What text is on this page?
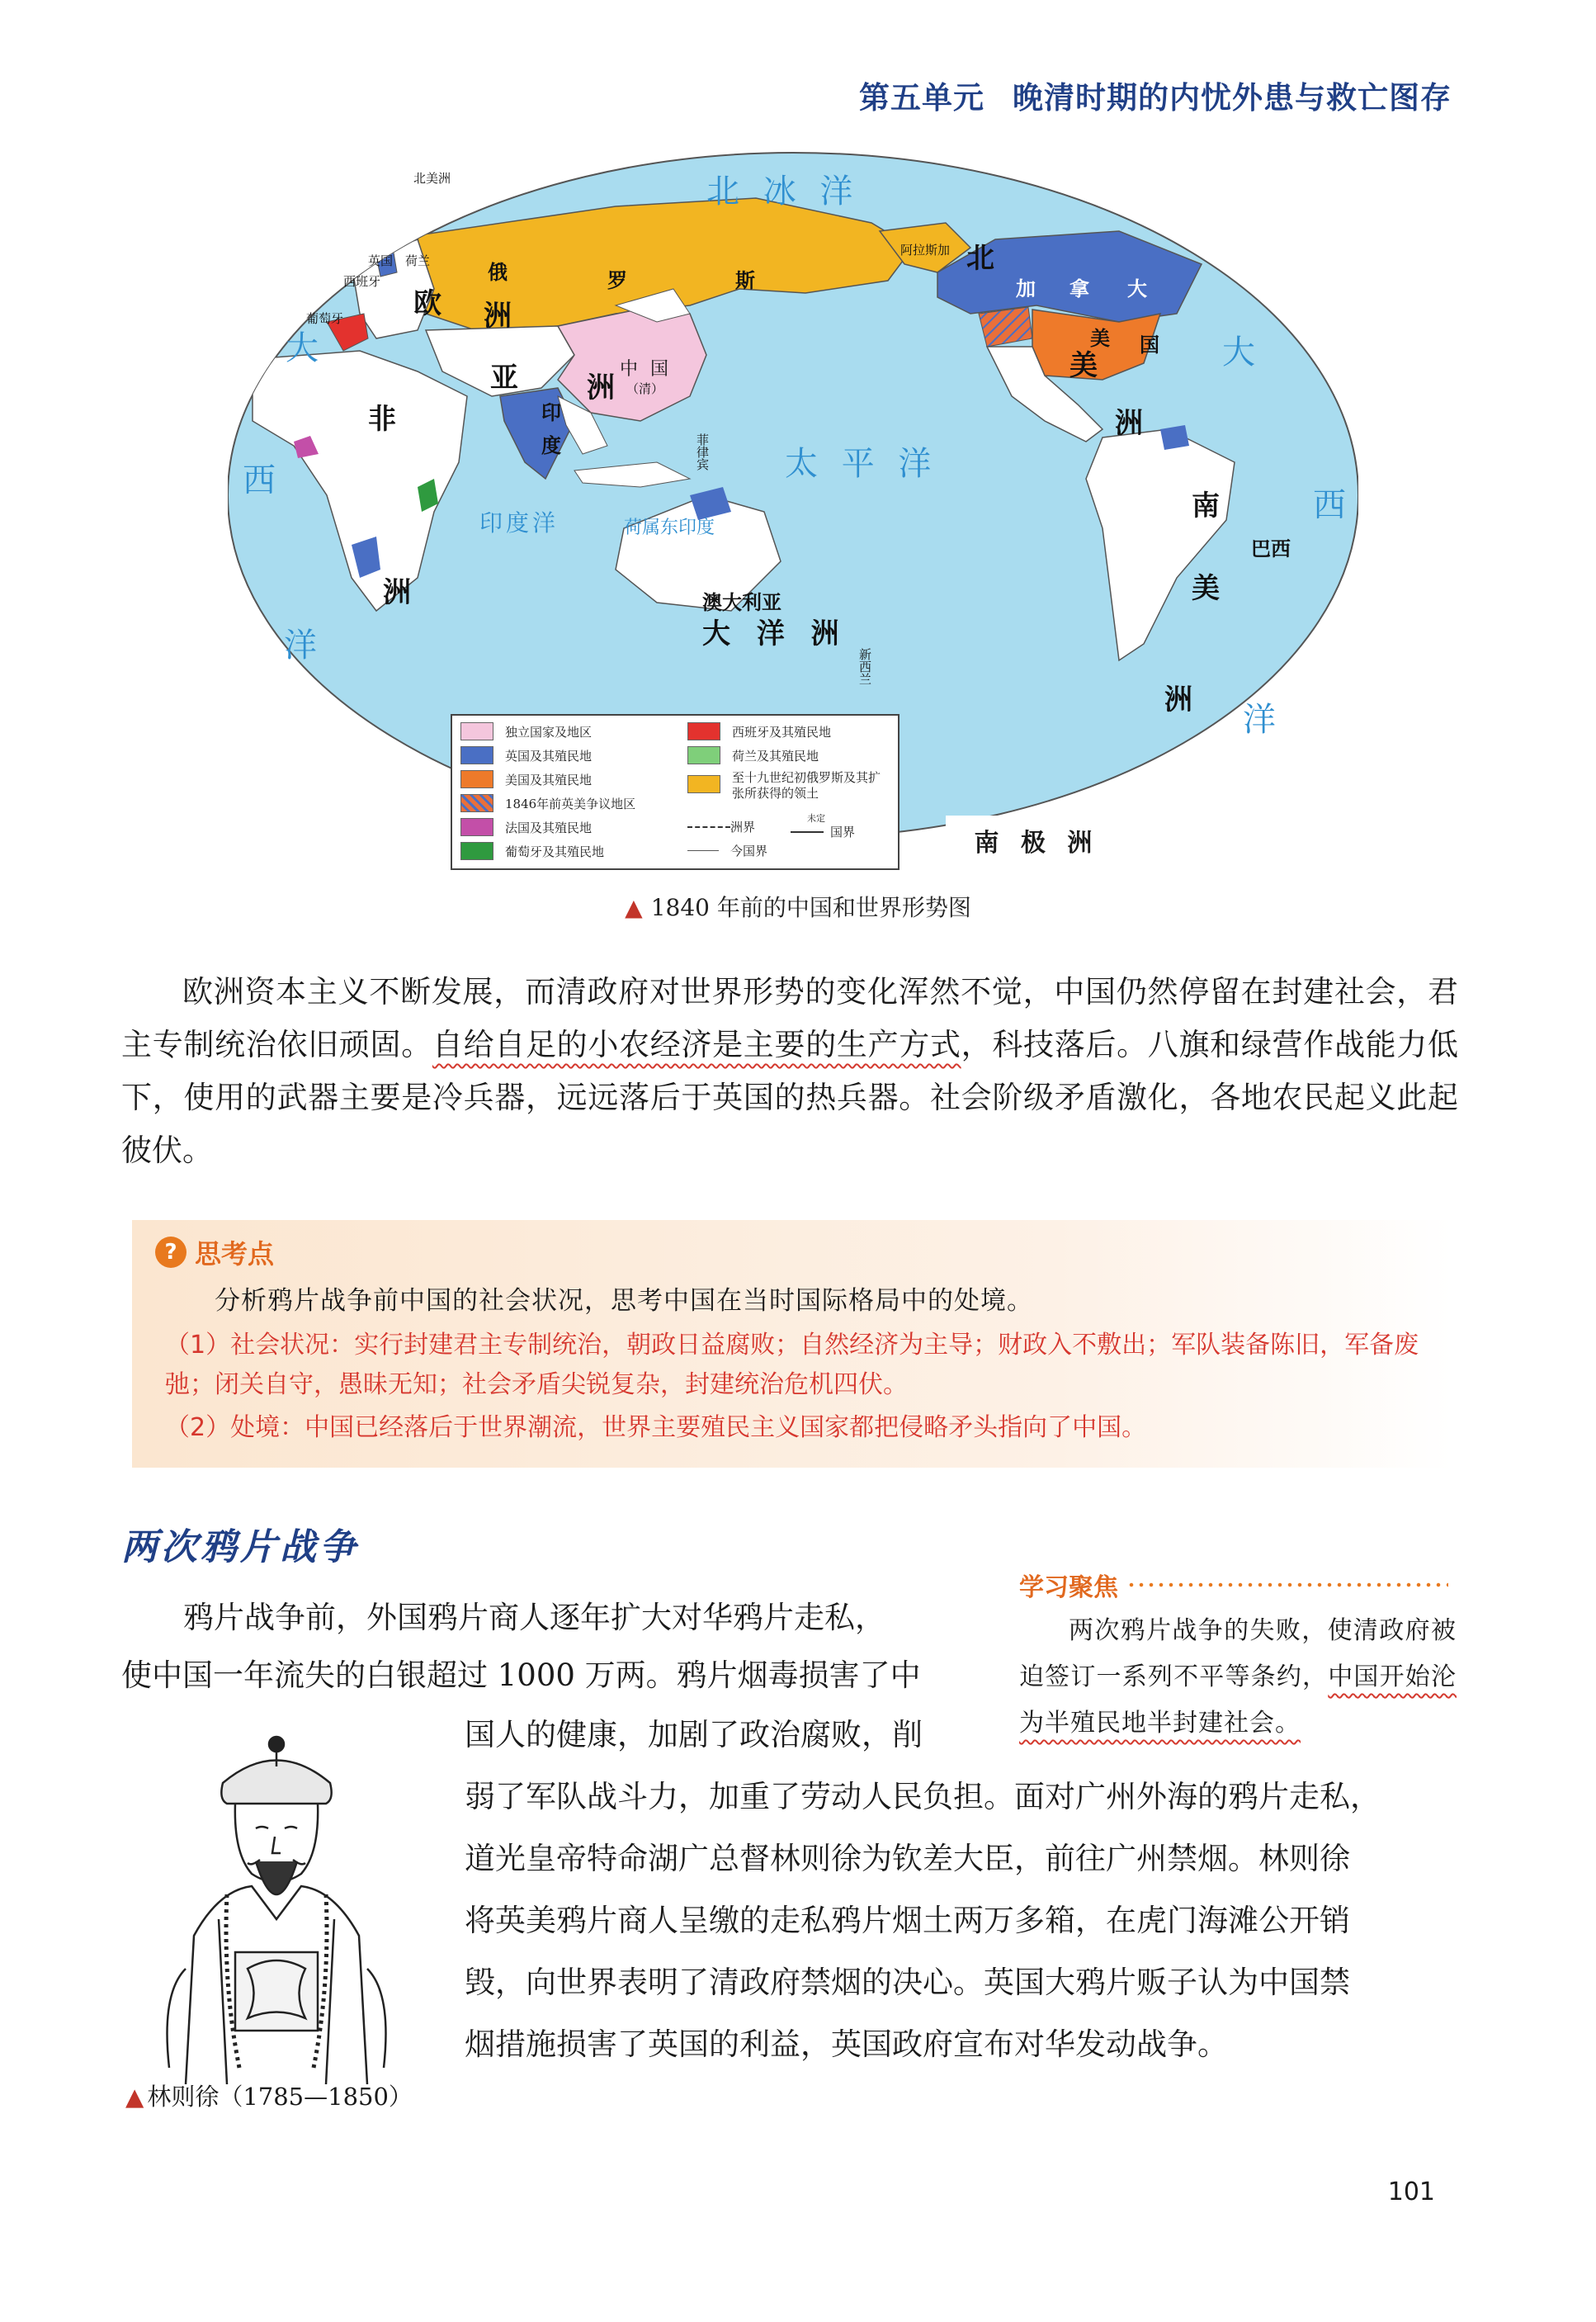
第五单元 晚清时期的内忧外患与救亡图存
北 冰 洋
太 平 洋
印度洋
大
西
洋
大
西
洋
欧 洲
亚 洲
非
洲
北
美
洲
南
美
洲
大 洋 洲
北美洲
俄	罗	斯
阿拉斯加
加 拿 大
美 国
中 国
（清）
印
度	菲律宾
荷属东印度
澳大利亚
巴西
新西兰
英国 荷兰
西班牙
葡萄牙
独立国家及地区
英国及其殖民地
美国及其殖民地
1846年前英美争议地区
法国及其殖民地
葡萄牙及其殖民地
西班牙及其殖民地
荷兰及其殖民地
至十九世纪初俄罗斯及其扩张所获得的领土
洲界
未定
国界
今国界	南 极 洲
▲ 1840 年前的中国和世界形势图
欧洲资本主义不断发展，而清政府对世界形势的变化浑然不觉，中国仍然停留在封建社会，君主专制统治依旧顽固。自给自足的小农经济是主要的生产方式，科技落后。八旗和绿营作战能力低下，使用的武器主要是冷兵器，远远落后于英国的热兵器。社会阶级矛盾激化，各地农民起义此起彼伏。
? 思考点
分析鸦片战争前中国的社会状况，思考中国在当时国际格局中的处境。
（1）社会状况：实行封建君主专制统治，朝政日益腐败；自然经济为主导；财政入不敷出；军队装备陈旧，军备废弛；闭关自守，愚昧无知；社会矛盾尖锐复杂，封建统治危机四伏。
（2）处境：中国已经落后于世界潮流，世界主要殖民主义国家都把侵略矛头指向了中国。
两次鸦片战争
学习聚焦
两次鸦片战争的失败，使清政府被迫签订一系列不平等条约，中国开始沦为半殖民地半封建社会。
鸦片战争前，外国鸦片商人逐年扩大对华鸦片走私，
使中国一年流失的白银超过 1000 万两。鸦片烟毒损害了中
国人的健康，加剧了政治腐败，削
弱了军队战斗力，加重了劳动人民负担。面对广州外海的鸦片走私，
道光皇帝特命湖广总督林则徐为钦差大臣，前往广州禁烟。林则徐
将英美鸦片商人呈缴的走私鸦片烟土两万多箱，在虎门海滩公开销
毁，向世界表明了清政府禁烟的决心。英国大鸦片贩子认为中国禁
烟措施损害了英国的利益，英国政府宣布对华发动战争。
▲ 林则徐（1785—1850）
101
